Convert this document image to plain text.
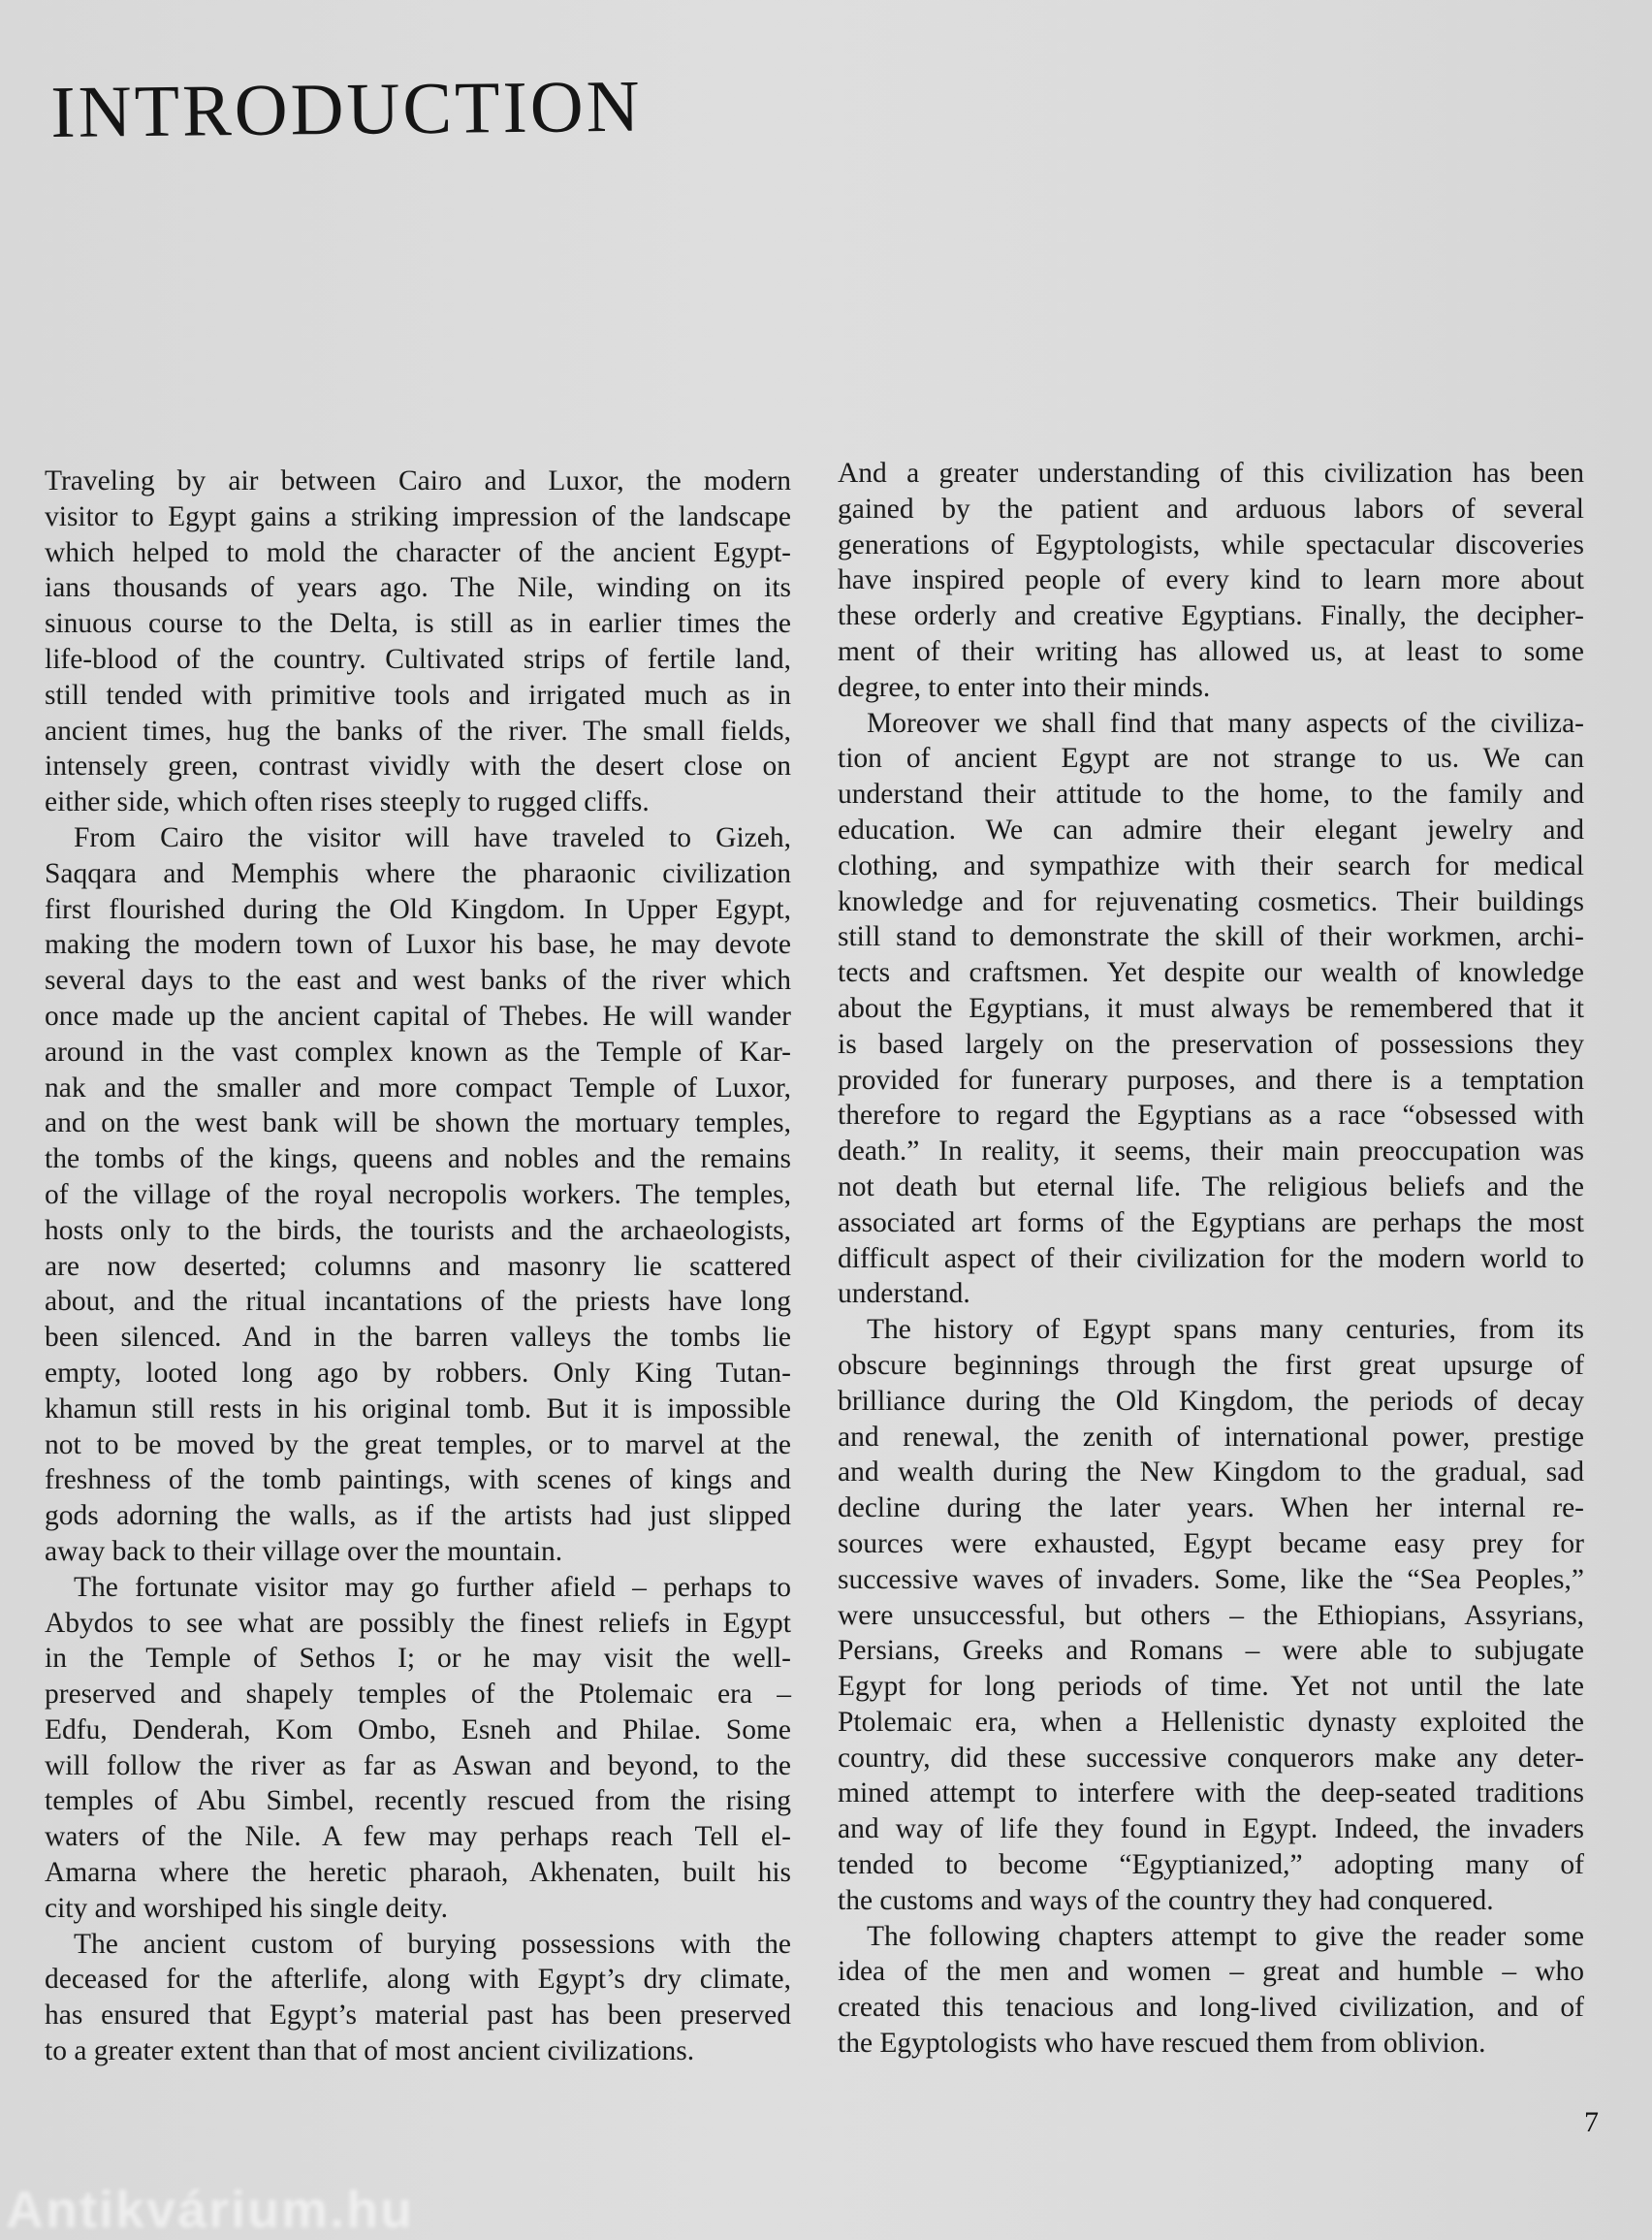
INTRODUCTION
Traveling by air between Cairo and Luxor, the modern
visitor to Egypt gains a striking impression of the landscape
which helped to mold the character of the ancient Egypt-
ians thousands of years ago. The Nile, winding on its
sinuous course to the Delta, is still as in earlier times the
life-blood of the country. Cultivated strips of fertile land,
still tended with primitive tools and irrigated much as in
ancient times, hug the banks of the river. The small fields,
intensely green, contrast vividly with the desert close on
either side, which often rises steeply to rugged cliffs.
From Cairo the visitor will have traveled to Gizeh,
Saqqara and Memphis where the pharaonic civilization
first flourished during the Old Kingdom. In Upper Egypt,
making the modern town of Luxor his base, he may devote
several days to the east and west banks of the river which
once made up the ancient capital of Thebes. He will wander
around in the vast complex known as the Temple of Kar-
nak and the smaller and more compact Temple of Luxor,
and on the west bank will be shown the mortuary temples,
the tombs of the kings, queens and nobles and the remains
of the village of the royal necropolis workers. The temples,
hosts only to the birds, the tourists and the archaeologists,
are now deserted; columns and masonry lie scattered
about, and the ritual incantations of the priests have long
been silenced. And in the barren valleys the tombs lie
empty, looted long ago by robbers. Only King Tutan-
khamun still rests in his original tomb. But it is impossible
not to be moved by the great temples, or to marvel at the
freshness of the tomb paintings, with scenes of kings and
gods adorning the walls, as if the artists had just slipped
away back to their village over the mountain.
The fortunate visitor may go further afield – perhaps to
Abydos to see what are possibly the finest reliefs in Egypt
in the Temple of Sethos I; or he may visit the well-
preserved and shapely temples of the Ptolemaic era –
Edfu, Denderah, Kom Ombo, Esneh and Philae. Some
will follow the river as far as Aswan and beyond, to the
temples of Abu Simbel, recently rescued from the rising
waters of the Nile. A few may perhaps reach Tell el-
Amarna where the heretic pharaoh, Akhenaten, built his
city and worshiped his single deity.
The ancient custom of burying possessions with the
deceased for the afterlife, along with Egypt’s dry climate,
has ensured that Egypt’s material past has been preserved
to a greater extent than that of most ancient civilizations.
And a greater understanding of this civilization has been
gained by the patient and arduous labors of several
generations of Egyptologists, while spectacular discoveries
have inspired people of every kind to learn more about
these orderly and creative Egyptians. Finally, the decipher-
ment of their writing has allowed us, at least to some
degree, to enter into their minds.
Moreover we shall find that many aspects of the civiliza-
tion of ancient Egypt are not strange to us. We can
understand their attitude to the home, to the family and
education. We can admire their elegant jewelry and
clothing, and sympathize with their search for medical
knowledge and for rejuvenating cosmetics. Their buildings
still stand to demonstrate the skill of their workmen, archi-
tects and craftsmen. Yet despite our wealth of knowledge
about the Egyptians, it must always be remembered that it
is based largely on the preservation of possessions they
provided for funerary purposes, and there is a temptation
therefore to regard the Egyptians as a race “obsessed with
death.” In reality, it seems, their main preoccupation was
not death but eternal life. The religious beliefs and the
associated art forms of the Egyptians are perhaps the most
difficult aspect of their civilization for the modern world to
understand.
The history of Egypt spans many centuries, from its
obscure beginnings through the first great upsurge of
brilliance during the Old Kingdom, the periods of decay
and renewal, the zenith of international power, prestige
and wealth during the New Kingdom to the gradual, sad
decline during the later years. When her internal re-
sources were exhausted, Egypt became easy prey for
successive waves of invaders. Some, like the “Sea Peoples,”
were unsuccessful, but others – the Ethiopians, Assyrians,
Persians, Greeks and Romans – were able to subjugate
Egypt for long periods of time. Yet not until the late
Ptolemaic era, when a Hellenistic dynasty exploited the
country, did these successive conquerors make any deter-
mined attempt to interfere with the deep-seated traditions
and way of life they found in Egypt. Indeed, the invaders
tended to become “Egyptianized,” adopting many of
the customs and ways of the country they had conquered.
The following chapters attempt to give the reader some
idea of the men and women – great and humble – who
created this tenacious and long-lived civilization, and of
the Egyptologists who have rescued them from oblivion.
7
Antikvárium.hu
